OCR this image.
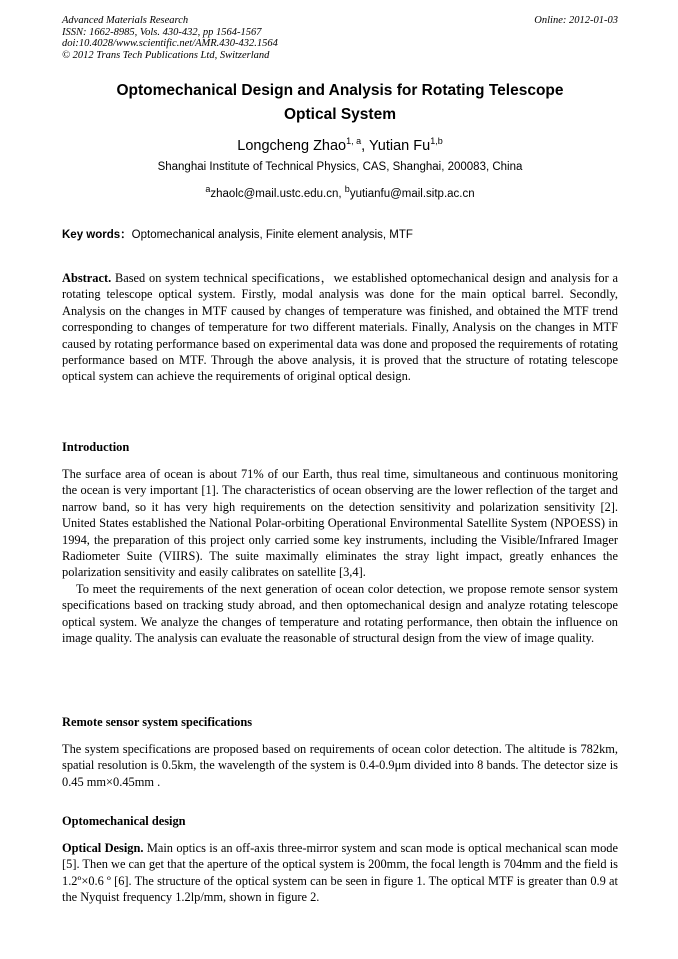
Advanced Materials Research
ISSN: 1662-8985, Vols. 430-432, pp 1564-1567
doi:10.4028/www.scientific.net/AMR.430-432.1564
© 2012 Trans Tech Publications Ltd, Switzerland
Online: 2012-01-03
Optomechanical Design and Analysis for Rotating Telescope
Optical System
Longcheng Zhao$^{1, a}$, Yutian Fu$^{1,b}$
Shanghai Institute of Technical Physics, CAS, Shanghai, 200083, China
$^a$zhaolc@mail.ustc.edu.cn, $^b$yutianfu@mail.sitp.ac.cn
Key words：Optomechanical analysis, Finite element analysis, MTF

Abstract. Based on system technical specifications，we established optomechanical design and analysis for a rotating telescope optical system. Firstly, modal analysis was done for the main optical barrel. Secondly, Analysis on the changes in MTF caused by changes of temperature was finished, and obtained the MTF trend corresponding to changes of temperature for two different materials. Finally, Analysis on the changes in MTF caused by rotating performance based on experimental data was done and proposed the requirements of rotating performance based on MTF. Through the above analysis, it is proved that the structure of rotating telescope optical system can achieve the requirements of original optical design.

Introduction

The surface area of ocean is about 71% of our Earth, thus real time, simultaneous and continuous monitoring the ocean is very important [1]. The characteristics of ocean observing are the lower reflection of the target and narrow band, so it has very high requirements on the detection sensitivity and polarization sensitivity [2]. United States established the National Polar-orbiting Operational Environmental Satellite System (NPOESS) in 1994, the preparation of this project only carried some key instruments, including the Visible/Infrared Imager Radiometer Suite (VIIRS). The suite maximally eliminates the stray light impact, greatly enhances the polarization sensitivity and easily calibrates on satellite [3,4].

To meet the requirements of the next generation of ocean color detection, we propose remote sensor system specifications based on tracking study abroad, and then optomechanical design and analyze rotating telescope optical system. We analyze the changes of temperature and rotating performance, then obtain the influence on image quality. The analysis can evaluate the reasonable of structural design from the view of image quality.

Remote sensor system specifications

The system specifications are proposed based on requirements of ocean color detection. The altitude is 782km, spatial resolution is 0.5km, the wavelength of the system is 0.4-0.9μm divided into 8 bands. The detector size is 0.45 mm×0.45mm .

Optomechanical design

Optical Design. Main optics is an off-axis three-mirror system and scan mode is optical mechanical scan mode [5]. Then we can get that the aperture of the optical system is 200mm, the focal length is 704mm and the field is 1.2º×0.6 º [6]. The structure of the optical system can be seen in figure 1. The optical MTF is greater than 0.9 at the Nyquist frequency 1.2lp/mm, shown in figure 2.
